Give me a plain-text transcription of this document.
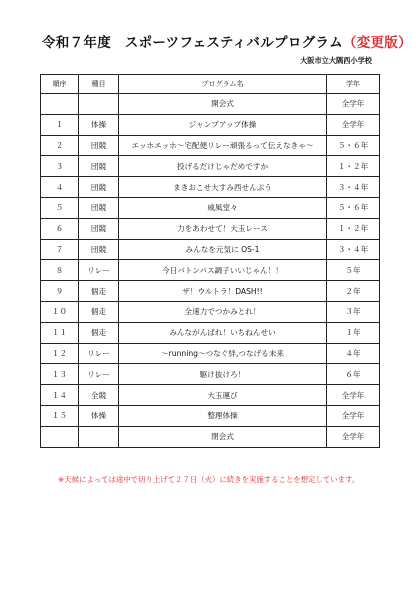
令和７年度　スポーツフェスティバルプログラム（変更版）
大阪市立大隅西小学校
順序	種目	プログラム名	学年
		開会式	全学年
１	体操	ジャンプアップ体操	全学年
２	団競	エッホエッホ～宅配便リレー頑張るって伝えなきゃ～	５・６年
３	団競	投げるだけじゃだめですか	１・２年
４	団競	まきおこせ大すみ西せんぷう	３・４年
５	団競	威風堂々	５・６年
６	団競	力をあわせて！大玉レース	１・２年
７	団競	みんなを元気に OS-1	３・４年
８	リレー	今日バトンパス調子いいじゃん！！	５年
９	個走	ザ！ウルトラ！DASH!!	２年
１０	個走	全速力でつかみとれ！	３年
１１	個走	みんながんばれ！いちねんせい	１年
１２	リレー	～running～つなぐ絆,つなげる未来	４年
１３	リレー	駆け抜けろ！	６年
１４	全競	大玉運び	全学年
１５	体操	整理体操	全学年
		閉会式	全学年
※天候によっては途中で切り上げて２７日（火）に続きを実施することを想定しています。
